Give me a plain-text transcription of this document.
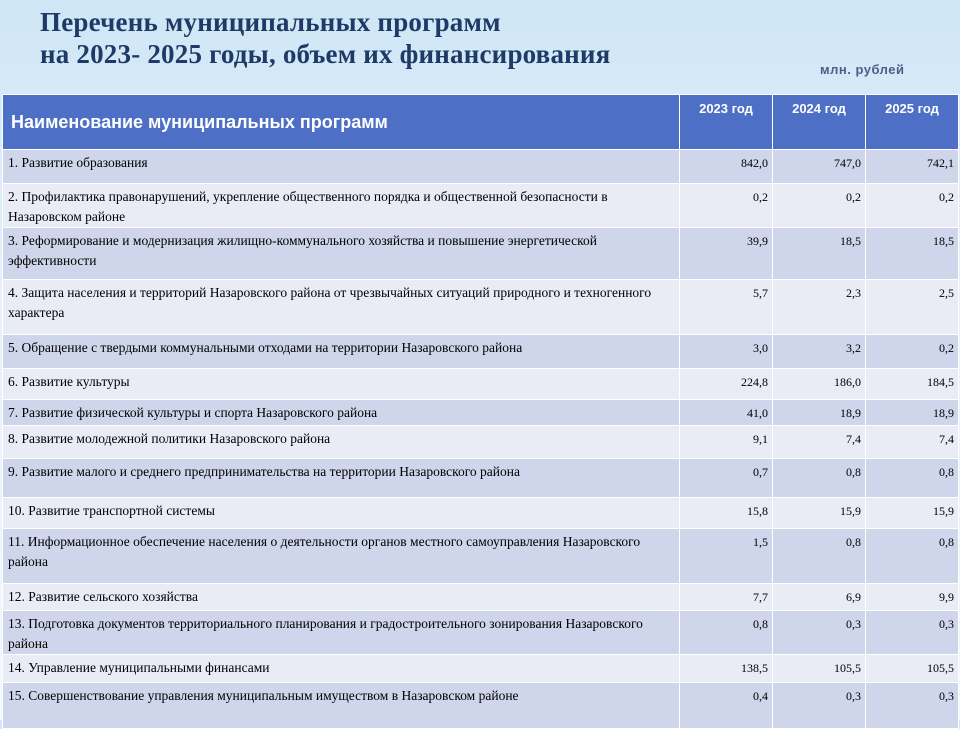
Перечень муниципальных программ
на 2023- 2025 годы, объем их финансирования
млн. рублей
Наименование муниципальных программ	2023 год	2024 год	2025 год
1. Развитие образования	842,0	747,0	742,1
2. Профилактика правонарушений, укрепление общественного порядка и общественной безопасности в Назаровском районе	0,2	0,2	0,2
3. Реформирование и модернизация жилищно-коммунального хозяйства и повышение энергетической эффективности	39,9	18,5	18,5
4. Защита населения и территорий Назаровского района от чрезвычайных ситуаций природного и техногенного характера	5,7	2,3	2,5
5. Обращение с твердыми коммунальными отходами на территории Назаровского района	3,0	3,2	0,2
6. Развитие культуры	224,8	186,0	184,5
7. Развитие физической культуры и спорта Назаровского района	41,0	18,9	18,9
8. Развитие молодежной политики Назаровского района	9,1	7,4	7,4
9. Развитие малого и среднего предпринимательства на территории Назаровского района	0,7	0,8	0,8
10. Развитие транспортной системы	15,8	15,9	15,9
11. Информационное обеспечение населения о деятельности органов местного самоуправления Назаровского района	1,5	0,8	0,8
12. Развитие сельского хозяйства	7,7	6,9	9,9
13. Подготовка документов территориального планирования и градостроительного зонирования Назаровского района	0,8	0,3	0,3
14. Управление муниципальными финансами	138,5	105,5	105,5
15. Совершенствование управления муниципальным имуществом в Назаровском районе	0,4	0,3	0,3
